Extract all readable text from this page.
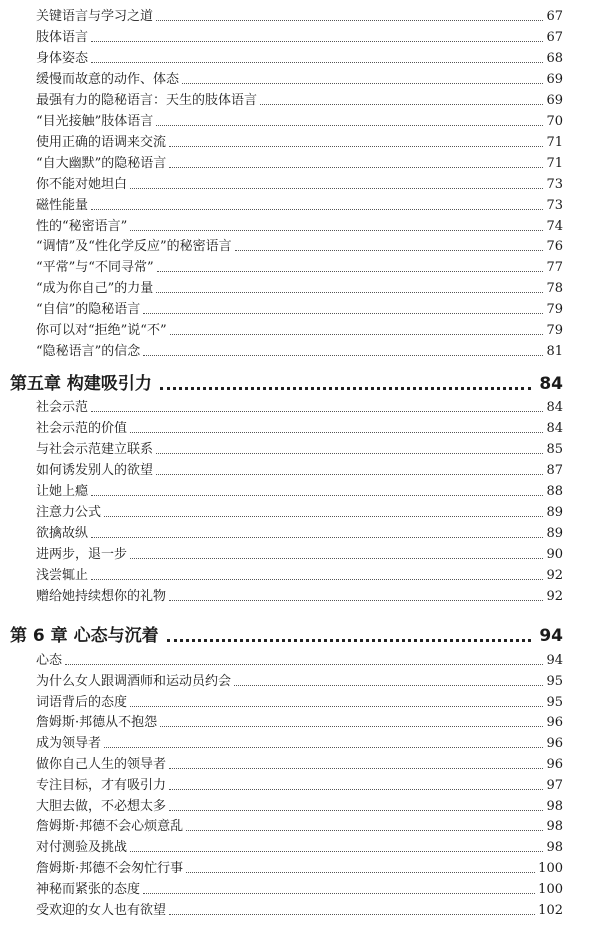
关键语言与学习之道	67
肢体语言	67
身体姿态	68
缓慢而故意的动作、体态	69
最强有力的隐秘语言：天生的肢体语言	69
“目光接触”肢体语言	70
使用正确的语调来交流	71
“自大幽默”的隐秘语言	71
你不能对她坦白	73
磁性能量	73
性的“秘密语言”	74
“调情”及“性化学反应”的秘密语言	76
“平常”与“不同寻常”	77
“成为你自己”的力量	78
“自信”的隐秘语言	79
你可以对“拒绝”说“不”	79
“隐秘语言”的信念	81
第五章 构建吸引力	84
社会示范	84
社会示范的价值	84
与社会示范建立联系	85
如何诱发别人的欲望	87
让她上瘾	88
注意力公式	89
欲擒故纵	89
进两步，退一步	90
浅尝辄止	92
赠给她持续想你的礼物	92
第 6 章 心态与沉着	94
心态	94
为什么女人跟调酒师和运动员约会	95
词语背后的态度	95
詹姆斯·邦德从不抱怨	96
成为领导者	96
做你自己人生的领导者	96
专注目标，才有吸引力	97
大胆去做，不必想太多	98
詹姆斯·邦德不会心烦意乱	98
对付测验及挑战	98
詹姆斯·邦德不会匆忙行事	100
神秘而紧张的态度	100
受欢迎的女人也有欲望	102
